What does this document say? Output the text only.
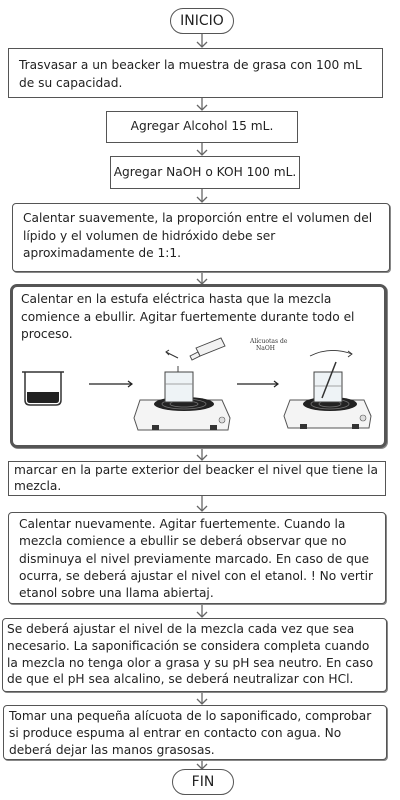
INICIO
Trasvasar a un beacker la muestra de grasa con 100 mL de su capacidad.
Agregar Alcohol 15 mL.
Agregar NaOH o KOH 100 mL.
Calentar suavemente, la proporción entre el volumen del lípido y el volumen de hidróxido debe ser aproximadamente de 1:1.
Calentar en la estufa eléctrica hasta que la mezcla comience a ebullir. Agitar fuertemente durante todo el proceso.
Alícuotas de
NaOH
marcar en la parte exterior del beacker el nivel que tiene la mezcla.
Calentar nuevamente. Agitar fuertemente. Cuando la mezcla comience a ebullir se deberá observar que no disminuya el nivel previamente marcado. En caso de que ocurra, se deberá ajustar el nivel con el etanol. ! No vertir etanol sobre una llama abiertaj.
Se deberá ajustar el nivel de la mezcla cada vez que sea necesario. La saponificación se considera completa cuando la mezcla no tenga olor a grasa y su pH sea neutro. En caso de que el pH sea alcalino, se deberá neutralizar con HCl.
Tomar una pequeña alícuota de lo saponificado, comprobar si produce espuma al entrar en contacto con agua. No deberá dejar las manos grasosas.
FIN
